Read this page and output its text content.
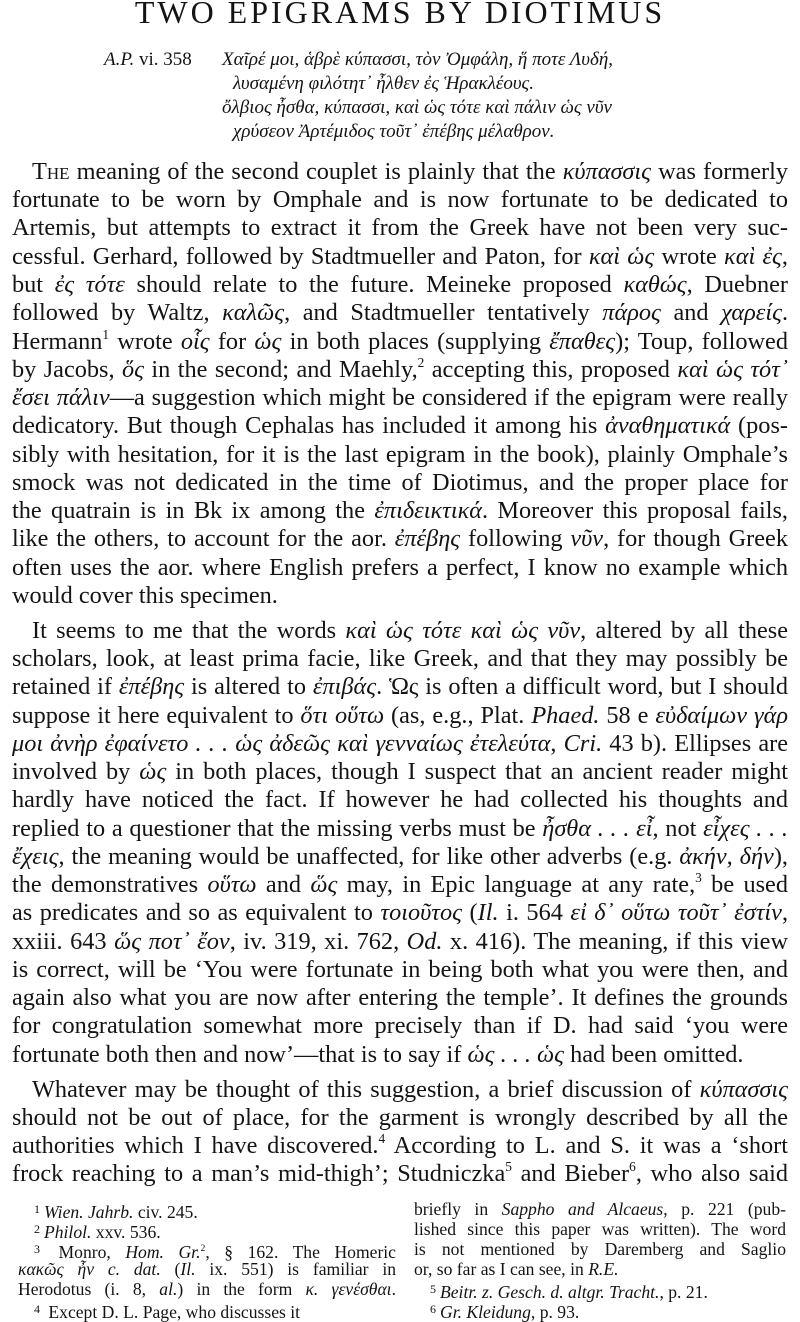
TWO EPIGRAMS BY DIOTIMUS
A.P. vi. 358 Χαῖρέ μοι, ἁβρὲ κύπασσι, τὸν Ὀμφάλη, ἥ ποτε Λυδή,
λυσαμένη φιλότητ᾽ ἦλθεν ἐς Ἡρακλέους.
ὄλβιος ἦσθα, κύπασσι, καὶ ὡς τότε καὶ πάλιν ὡς νῦν
χρύσεον Ἀρτέμιδος τοῦτ᾽ ἐπέβης μέλαθρον.
The meaning of the second couplet is plainly that the κύπασσις was formerly
fortunate to be worn by Omphale and is now fortunate to be dedicated to
Artemis, but attempts to extract it from the Greek have not been very suc-
cessful. Gerhard, followed by Stadtmueller and Paton, for καὶ ὡς wrote καὶ ἐς,
but ἐς τότε should relate to the future. Meineke proposed καθώς, Duebner
followed by Waltz, καλῶς, and Stadtmueller tentatively πάρος and χαρείς.
Hermann$^1$ wrote οἷς for ὡς in both places (supplying ἔπαθες); Toup, followed
by Jacobs, ὅς in the second; and Maehly,$^2$ accepting this, proposed καὶ ὡς τότ᾽
ἔσει πάλιν—a suggestion which might be considered if the epigram were really
dedicatory. But though Cephalas has included it among his ἀναθηματικά (pos-
sibly with hesitation, for it is the last epigram in the book), plainly Omphale’s
smock was not dedicated in the time of Diotimus, and the proper place for
the quatrain is in Bk ix among the ἐπιδεικτικά. Moreover this proposal fails,
like the others, to account for the aor. ἐπέβης following νῦν, for though Greek
often uses the aor. where English prefers a perfect, I know no example which
would cover this specimen.
It seems to me that the words καὶ ὡς τότε καὶ ὡς νῦν, altered by all these
scholars, look, at least prima facie, like Greek, and that they may possibly be
retained if ἐπέβης is altered to ἐπιβάς. Ὡς is often a difficult word, but I should
suppose it here equivalent to ὅτι οὕτω (as, e.g., Plat. Phaed. 58 e εὐδαίμων γάρ
μοι ἀνὴρ ἐφαίνετο . . . ὡς ἀδεῶς καὶ γενναίως ἐτελεύτα, Cri. 43 b). Ellipses are
involved by ὡς in both places, though I suspect that an ancient reader might
hardly have noticed the fact. If however he had collected his thoughts and
replied to a questioner that the missing verbs must be ἦσθα . . . εἶ, not εἶχες . . .
ἔχεις, the meaning would be unaffected, for like other adverbs (e.g. ἀκήν, δήν),
the demonstratives οὕτω and ὥς may, in Epic language at any rate,$^3$ be used
as predicates and so as equivalent to τοιοῦτος (Il. i. 564 εἰ δ᾽ οὕτω τοῦτ᾽ ἐστίν,
xxiii. 643 ὥς ποτ᾽ ἔον, iv. 319, xi. 762, Od. x. 416). The meaning, if this view
is correct, will be ‘You were fortunate in being both what you were then, and
again also what you are now after entering the temple’. It defines the grounds
for congratulation somewhat more precisely than if D. had said ‘you were
fortunate both then and now’—that is to say if ὡς . . . ὡς had been omitted.
Whatever may be thought of this suggestion, a brief discussion of κύπασσις
should not be out of place, for the garment is wrongly described by all the
authorities which I have discovered.$^4$ According to L. and S. it was a ‘short
frock reaching to a man’s mid-thigh’; Studniczka$^5$ and Bieber$^6$, who also said
$^1$ Wien. Jahrb. civ. 245.
$^2$ Philol. xxv. 536.
$^3$ Monro, Hom. Gr.$^2$, § 162. The Homeric
κακῶς ἦν c. dat. (Il. ix. 551) is familiar in
Herodotus (i. 8, al.) in the form κ. γενέσθαι.
$^4$ Except D. L. Page, who discusses it
briefly in Sappho and Alcaeus, p. 221 (pub-
lished since this paper was written). The word
is not mentioned by Daremberg and Saglio
or, so far as I can see, in R.E.
$^5$ Beitr. z. Gesch. d. altgr. Tracht., p. 21.
$^6$ Gr. Kleidung, p. 93.
